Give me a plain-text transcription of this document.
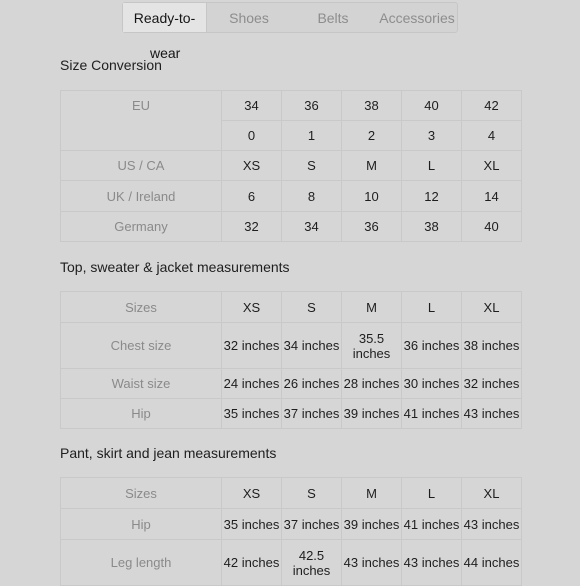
Ready-to-
wear
Shoes	Belts	Accessories
Size Conversion
EU	34	36	38	40	42
	0	1	2	3	4
US / CA	XS	S	M	L	XL
UK / Ireland	6	8	10	12	14
Germany	32	34	36	38	40
Top, sweater & jacket measurements
Sizes	XS	S	M	L	XL
Chest size	32 inches	34 inches	35.5 inches	36 inches	38 inches
Waist size	24 inches	26 inches	28 inches	30 inches	32 inches
Hip	35 inches	37 inches	39 inches	41 inches	43 inches
Pant, skirt and jean measurements
Sizes	XS	S	M	L	XL
Hip	35 inches	37 inches	39 inches	41 inches	43 inches
Leg length	42 inches	42.5 inches	43 inches	43 inches	44 inches
